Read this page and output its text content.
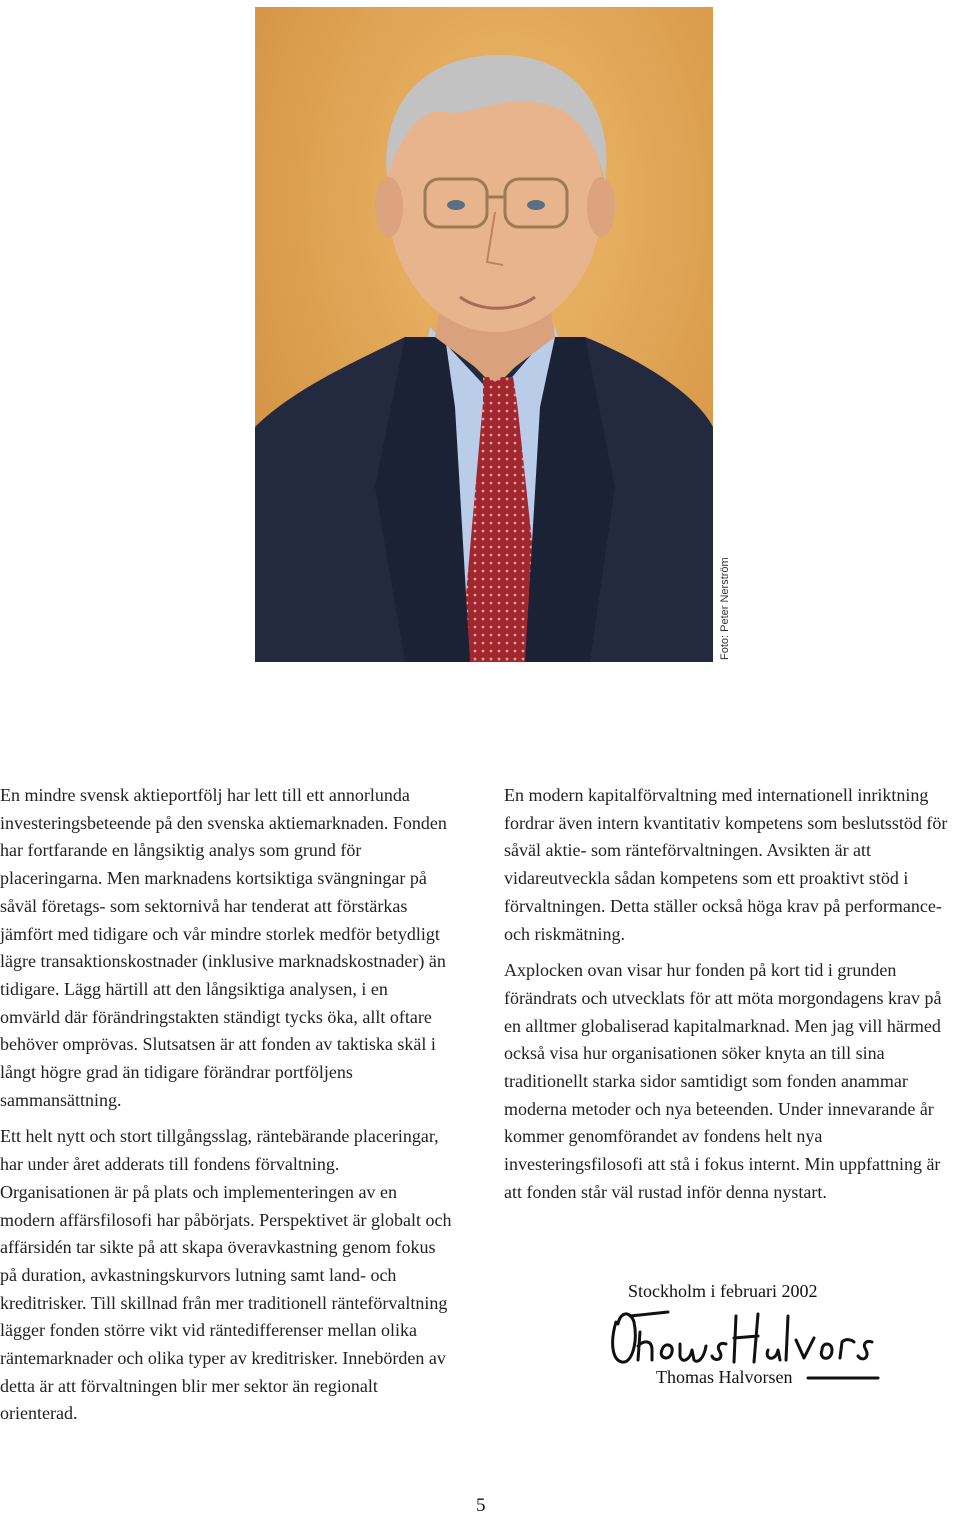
Foto: Peter Nerström

En mindre svensk aktieportfölj har lett till ett annorlunda investeringsbeteende på den svenska aktiemarknaden. Fonden har fortfarande en långsiktig analys som grund för placeringarna. Men marknadens kortsiktiga svängningar på såväl företags- som sektornivå har tenderat att förstärkas jämfört med tidigare och vår mindre storlek medför betydligt lägre transaktionskostnader (inklusive marknadskostnader) än tidigare. Lägg härtill att den långsiktiga analysen, i en omvärld där förändringstakten ständigt tycks öka, allt oftare behöver omprövas. Slutsatsen är att fonden av taktiska skäl i långt högre grad än tidigare förändrar portföljens sammansättning.

Ett helt nytt och stort tillgångsslag, räntebärande placeringar, har under året adderats till fondens förvaltning. Organisationen är på plats och implementeringen av en modern affärsfilosofi har påbörjats. Perspektivet är globalt och affärsidén tar sikte på att skapa överavkastning genom fokus på duration, avkastningskurvors lutning samt land- och kreditrisker. Till skillnad från mer traditionell ränteförvaltning lägger fonden större vikt vid räntedifferenser mellan olika räntemarknader och olika typer av kreditrisker. Innebörden av detta är att förvaltningen blir mer sektor än regionalt orienterad.

En modern kapitalförvaltning med internationell inriktning fordrar även intern kvantitativ kompetens som beslutsstöd för såväl aktie- som ränteförvaltningen. Avsikten är att vidareutveckla sådan kompetens som ett proaktivt stöd i förvaltningen. Detta ställer också höga krav på performance- och riskmätning.

Axplocken ovan visar hur fonden på kort tid i grunden förändrats och utvecklats för att möta morgondagens krav på en alltmer globaliserad kapitalmarknad. Men jag vill härmed också visa hur organisationen söker knyta an till sina traditionellt starka sidor samtidigt som fonden anammar moderna metoder och nya beteenden. Under innevarande år kommer genomförandet av fondens helt nya investeringsfilosofi att stå i fokus internt. Min uppfattning är att fonden står väl rustad inför denna nystart.

Stockholm i februari 2002
Thomas Halvorsen
5
